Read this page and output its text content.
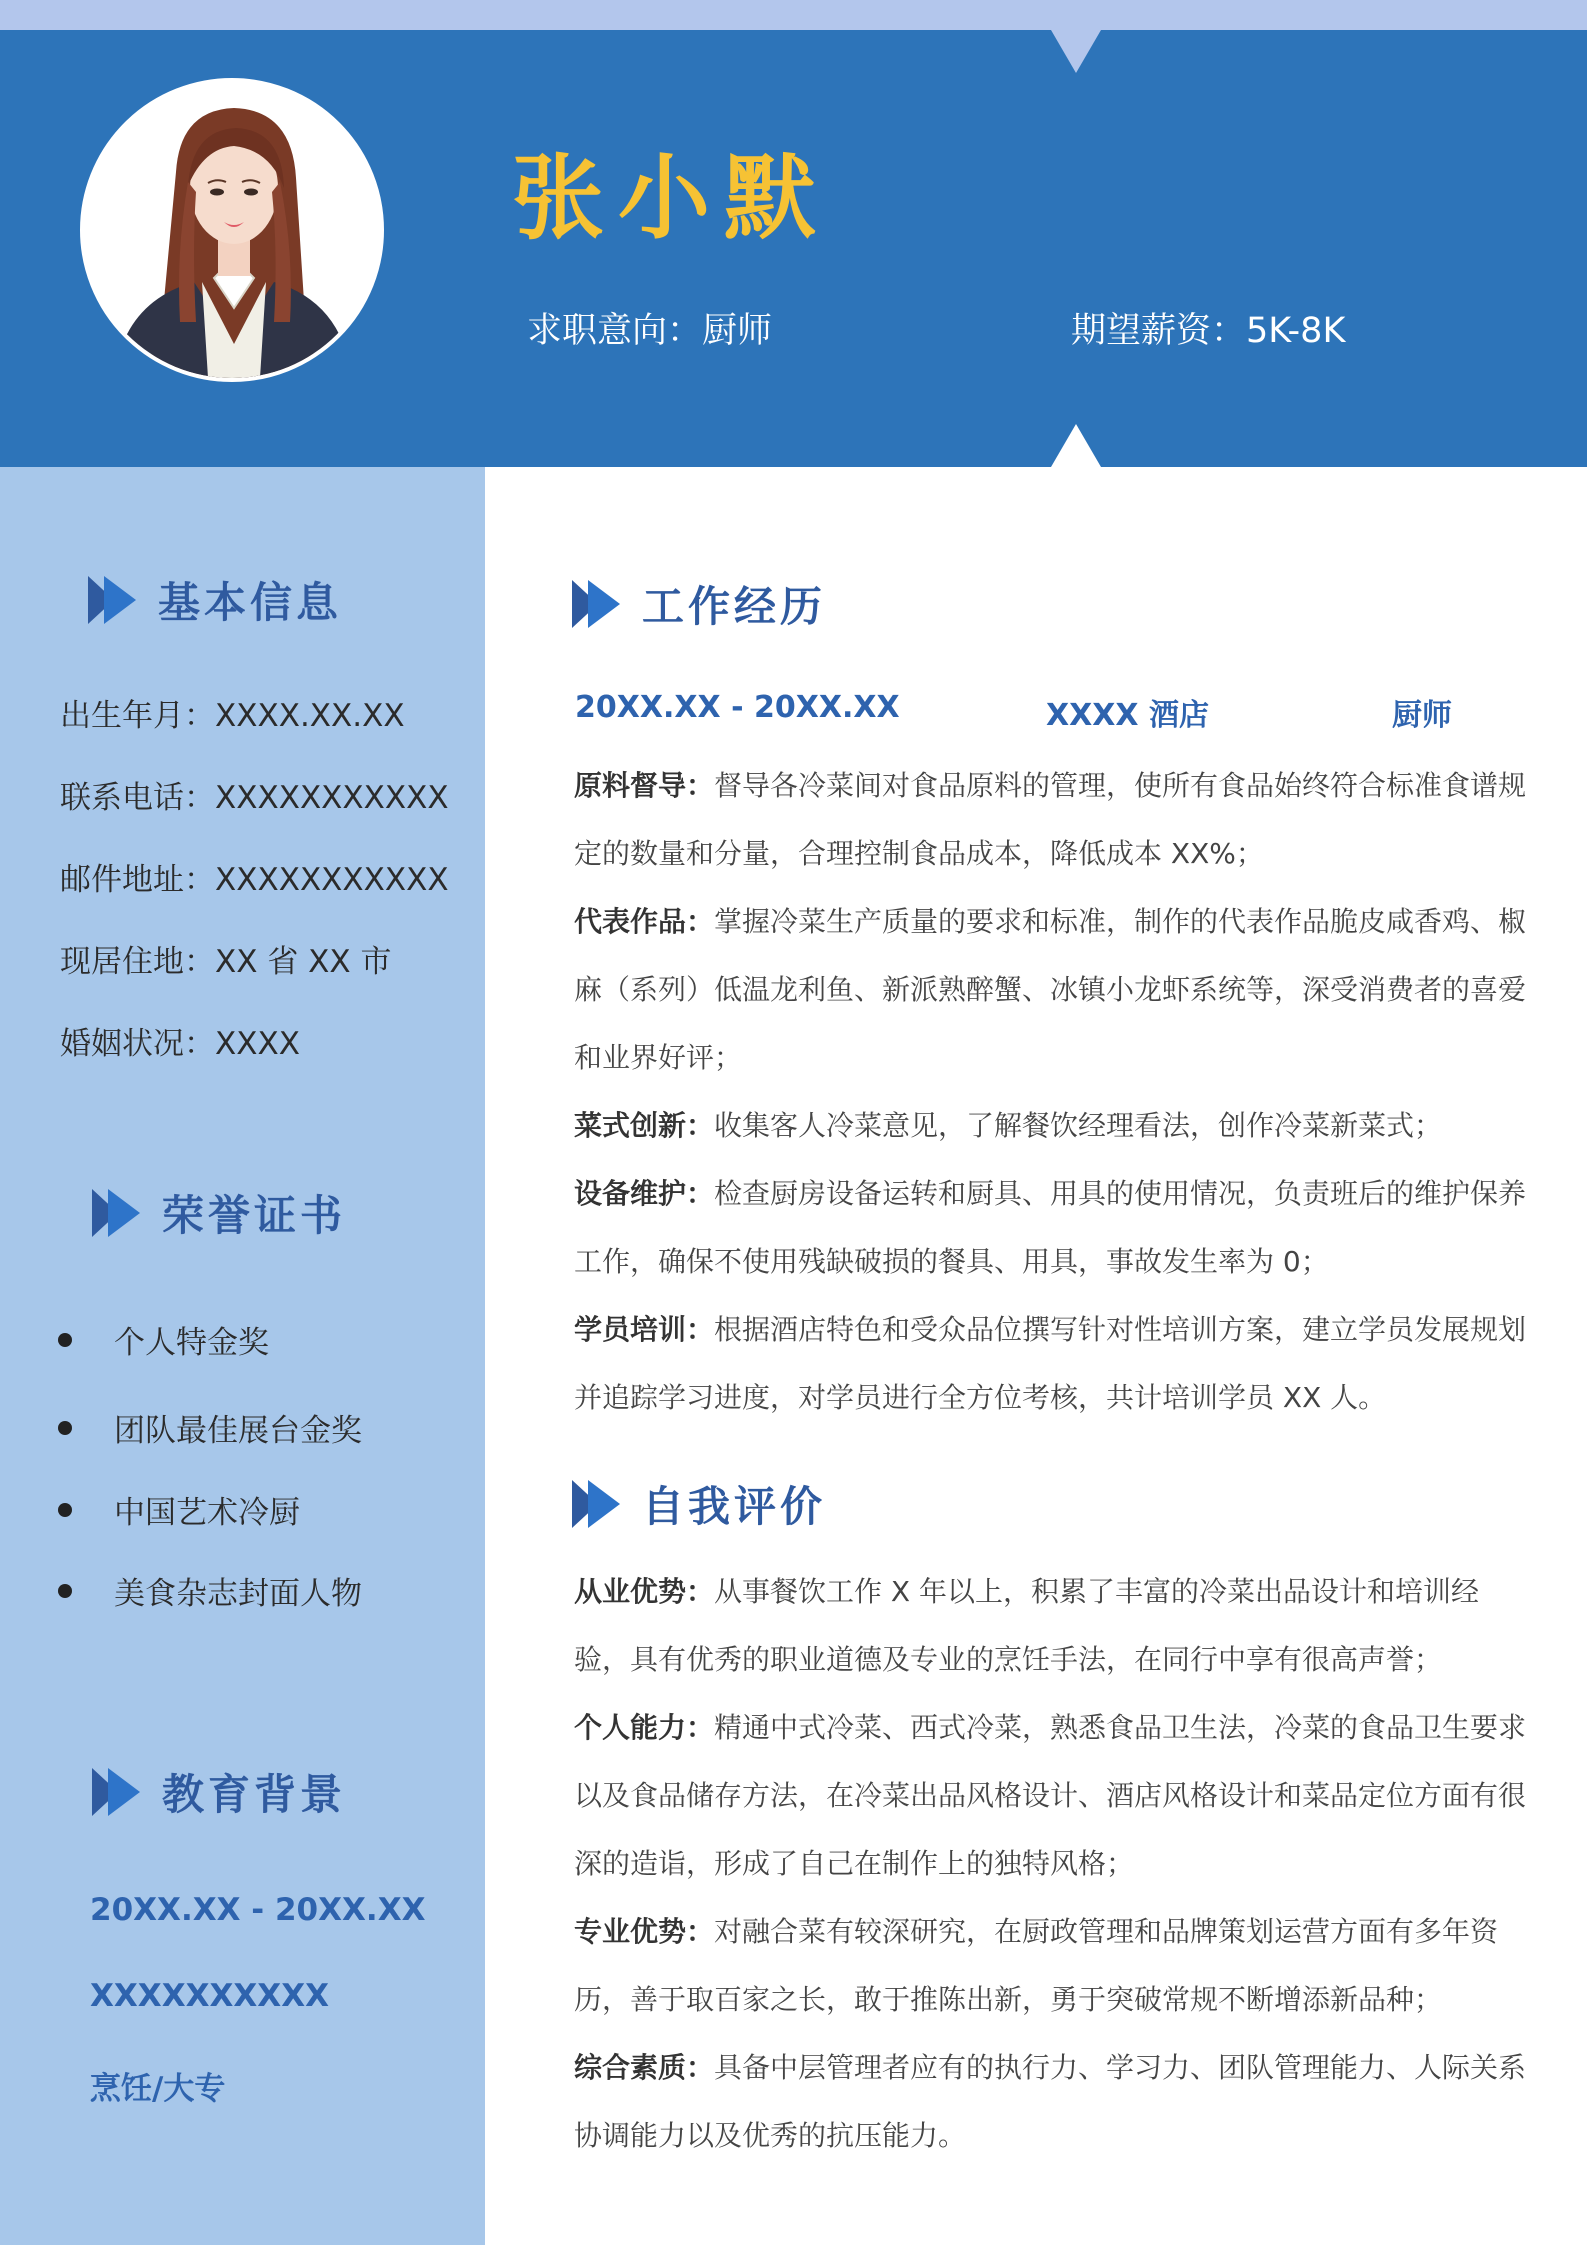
张小默
求职意向：厨师	期望薪资：5K-8K
基本信息
出生年月：XXXX.XX.XX
联系电话：XXXXXXXXXXX
邮件地址：XXXXXXXXXXX
现居住地：XX 省 XX 市
婚姻状况：XXXX
荣誉证书
个人特金奖
团队最佳展台金奖
中国艺术冷厨
美食杂志封面人物
教育背景
20XX.XX - 20XX.XX
XXXXXXXXXX
烹饪/大专
工作经历
20XX.XX - 20XX.XX	XXXX 酒店	厨师
原料督导：督导各冷菜间对食品原料的管理，使所有食品始终符合标准食谱规定的数量和分量，合理控制食品成本，降低成本 XX%；
代表作品：掌握冷菜生产质量的要求和标准，制作的代表作品脆皮咸香鸡、椒麻（系列）低温龙利鱼、新派熟醉蟹、冰镇小龙虾系统等，深受消费者的喜爱和业界好评；
菜式创新：收集客人冷菜意见，了解餐饮经理看法，创作冷菜新菜式；
设备维护：检查厨房设备运转和厨具、用具的使用情况，负责班后的维护保养工作，确保不使用残缺破损的餐具、用具，事故发生率为 0；
学员培训：根据酒店特色和受众品位撰写针对性培训方案，建立学员发展规划并追踪学习进度，对学员进行全方位考核，共计培训学员 XX 人。
自我评价
从业优势：从事餐饮工作 X 年以上，积累了丰富的冷菜出品设计和培训经验，具有优秀的职业道德及专业的烹饪手法，在同行中享有很高声誉；
个人能力：精通中式冷菜、西式冷菜，熟悉食品卫生法，冷菜的食品卫生要求以及食品储存方法，在冷菜出品风格设计、酒店风格设计和菜品定位方面有很深的造诣，形成了自己在制作上的独特风格；
专业优势：对融合菜有较深研究，在厨政管理和品牌策划运营方面有多年资历，善于取百家之长，敢于推陈出新，勇于突破常规不断增添新品种；
综合素质：具备中层管理者应有的执行力、学习力、团队管理能力、人际关系协调能力以及优秀的抗压能力。
